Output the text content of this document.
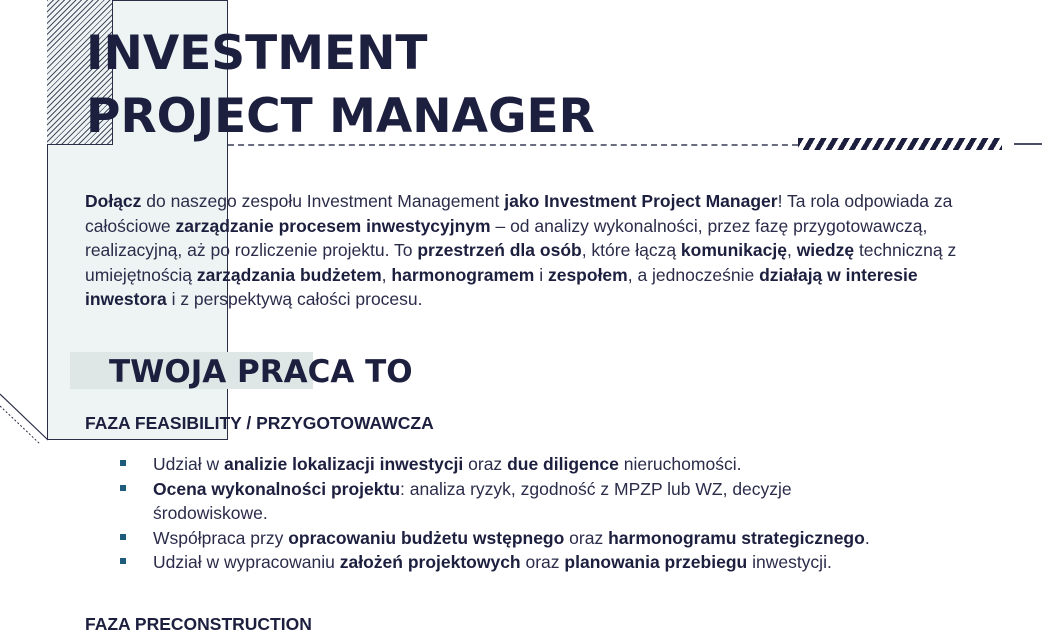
INVESTMENT
PROJECT MANAGER

Dołącz do naszego zespołu Investment Management jako Investment Project Manager! Ta rola odpowiada za całościowe zarządzanie procesem inwestycyjnym – od analizy wykonalności, przez fazę przygotowawczą, realizacyjną, aż po rozliczenie projektu. To przestrzeń dla osób, które łączą komunikację, wiedzę techniczną z umiejętnością zarządzania budżetem, harmonogramem i zespołem, a jednocześnie działają w interesie inwestora i z perspektywą całości procesu.

TWOJA PRACA TO
FAZA FEASIBILITY / PRZYGOTOWAWCZA
Udział w analizie lokalizacji inwestycji oraz due diligence nieruchomości.
Ocena wykonalności projektu: analiza ryzyk, zgodność z MPZP lub WZ, decyzje środowiskowe.
Współpraca przy opracowaniu budżetu wstępnego oraz harmonogramu strategicznego.
Udział w wypracowaniu założeń projektowych oraz planowania przebiegu inwestycji.
FAZA PRECONSTRUCTION
